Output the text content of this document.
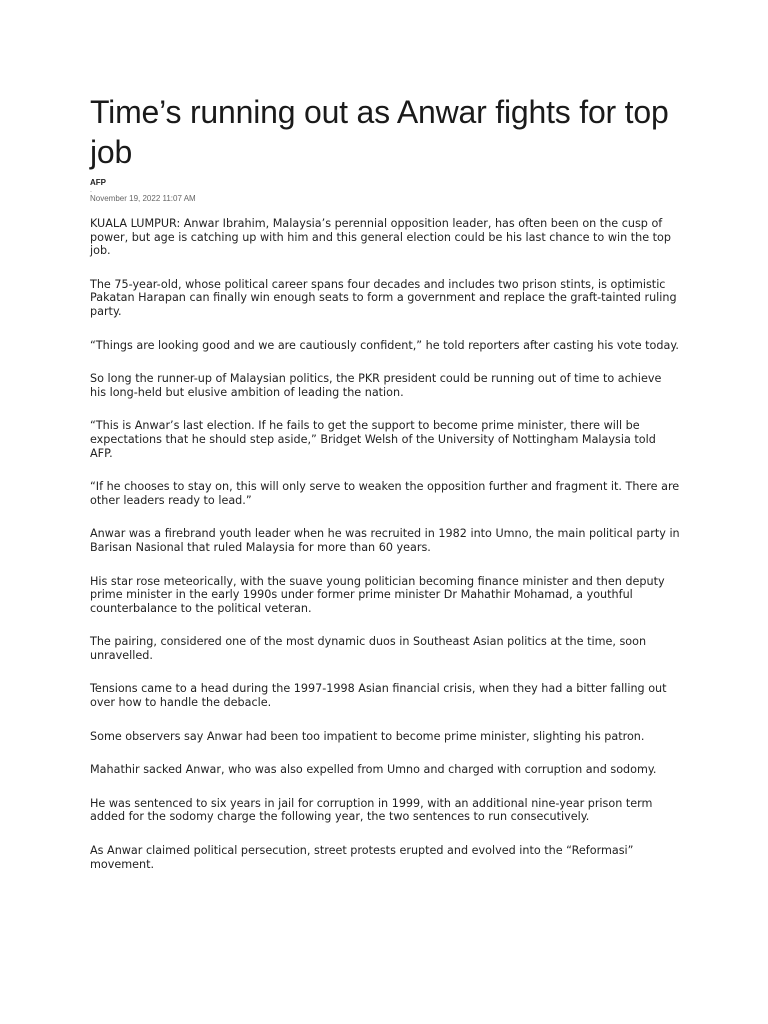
Time’s running out as Anwar fights for top job
AFP
.
November 19, 2022 11:07 AM

KUALA LUMPUR: Anwar Ibrahim, Malaysia’s perennial opposition leader, has often been on the cusp of power, but age is catching up with him and this general election could be his last chance to win the top job.

The 75-year-old, whose political career spans four decades and includes two prison stints, is optimistic Pakatan Harapan can finally win enough seats to form a government and replace the graft-tainted ruling party.

“Things are looking good and we are cautiously confident,” he told reporters after casting his vote today.

So long the runner-up of Malaysian politics, the PKR president could be running out of time to achieve his long-held but elusive ambition of leading the nation.

“This is Anwar’s last election. If he fails to get the support to become prime minister, there will be expectations that he should step aside,” Bridget Welsh of the University of Nottingham Malaysia told AFP.

“If he chooses to stay on, this will only serve to weaken the opposition further and fragment it. There are other leaders ready to lead.”

Anwar was a firebrand youth leader when he was recruited in 1982 into Umno, the main political party in Barisan Nasional that ruled Malaysia for more than 60 years.

His star rose meteorically, with the suave young politician becoming finance minister and then deputy prime minister in the early 1990s under former prime minister Dr Mahathir Mohamad, a youthful counterbalance to the political veteran.

The pairing, considered one of the most dynamic duos in Southeast Asian politics at the time, soon unravelled.

Tensions came to a head during the 1997-1998 Asian financial crisis, when they had a bitter falling out over how to handle the debacle.

Some observers say Anwar had been too impatient to become prime minister, slighting his patron.

Mahathir sacked Anwar, who was also expelled from Umno and charged with corruption and sodomy.

He was sentenced to six years in jail for corruption in 1999, with an additional nine-year prison term added for the sodomy charge the following year, the two sentences to run consecutively.

As Anwar claimed political persecution, street protests erupted and evolved into the “Reformasi” movement.
